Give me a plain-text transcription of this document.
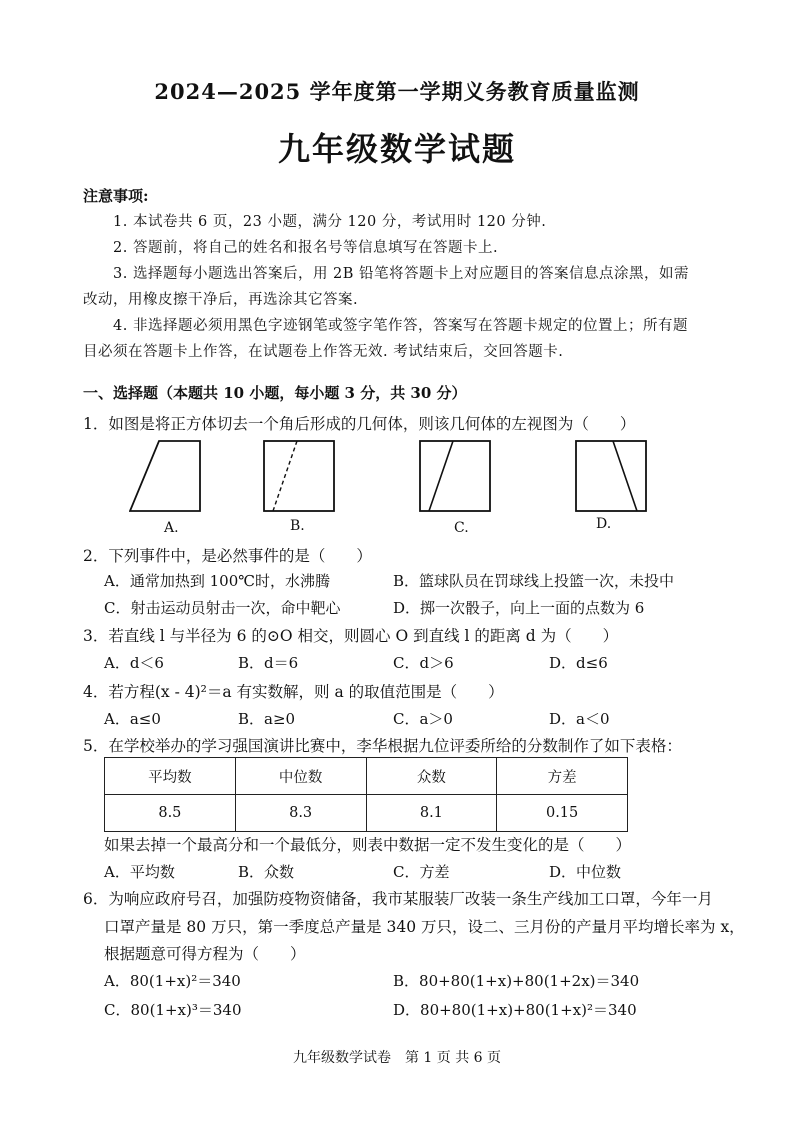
2024—2025 学年度第一学期义务教育质量监测
九年级数学试题
注意事项:
1. 本试卷共 6 页，23 小题，满分 120 分，考试用时 120 分钟.
2. 答题前，将自己的姓名和报名号等信息填写在答题卡上.
3. 选择题每小题选出答案后，用 2B 铅笔将答题卡上对应题目的答案信息点涂黑，如需
改动，用橡皮擦干净后，再选涂其它答案.
4. 非选择题必须用黑色字迹钢笔或签字笔作答，答案写在答题卡规定的位置上；所有题
目必须在答题卡上作答，在试题卷上作答无效. 考试结束后，交回答题卡.
一、选择题（本题共 10 小题，每小题 3 分，共 30 分）
1．如图是将正方体切去一个角后形成的几何体，则该几何体的左视图为（　　）
A.	B.	C.	D.
2．下列事件中，是必然事件的是（　　）
A．通常加热到 100℃时，水沸腾	B．篮球队员在罚球线上投篮一次，未投中
C．射击运动员射击一次，命中靶心	D．掷一次骰子，向上一面的点数为 6
3．若直线 l 与半径为 6 的⊙O 相交，则圆心 O 到直线 l 的距离 d 为（　　）
A．d＜6	B．d＝6	C．d＞6	D．d≤6
4．若方程(x - 4)²＝a 有实数解，则 a 的取值范围是（　　）
A．a≤0	B．a≥0	C．a＞0	D．a＜0
5．在学校举办的学习强国演讲比赛中，李华根据九位评委所给的分数制作了如下表格：
平均数	中位数	众数	方差
8.5	8.3	8.1	0.15
如果去掉一个最高分和一个最低分，则表中数据一定不发生变化的是（　　）
A．平均数	B．众数	C．方差	D．中位数
6．为响应政府号召，加强防疫物资储备，我市某服装厂改装一条生产线加工口罩，今年一月
口罩产量是 80 万只，第一季度总产量是 340 万只，设二、三月份的产量月平均增长率为 x，
根据题意可得方程为（　　）
A．80(1+x)²＝340	B．80+80(1+x)+80(1+2x)＝340
C．80(1+x)³＝340	D．80+80(1+x)+80(1+x)²＝340
九年级数学试卷　第 1 页 共 6 页
